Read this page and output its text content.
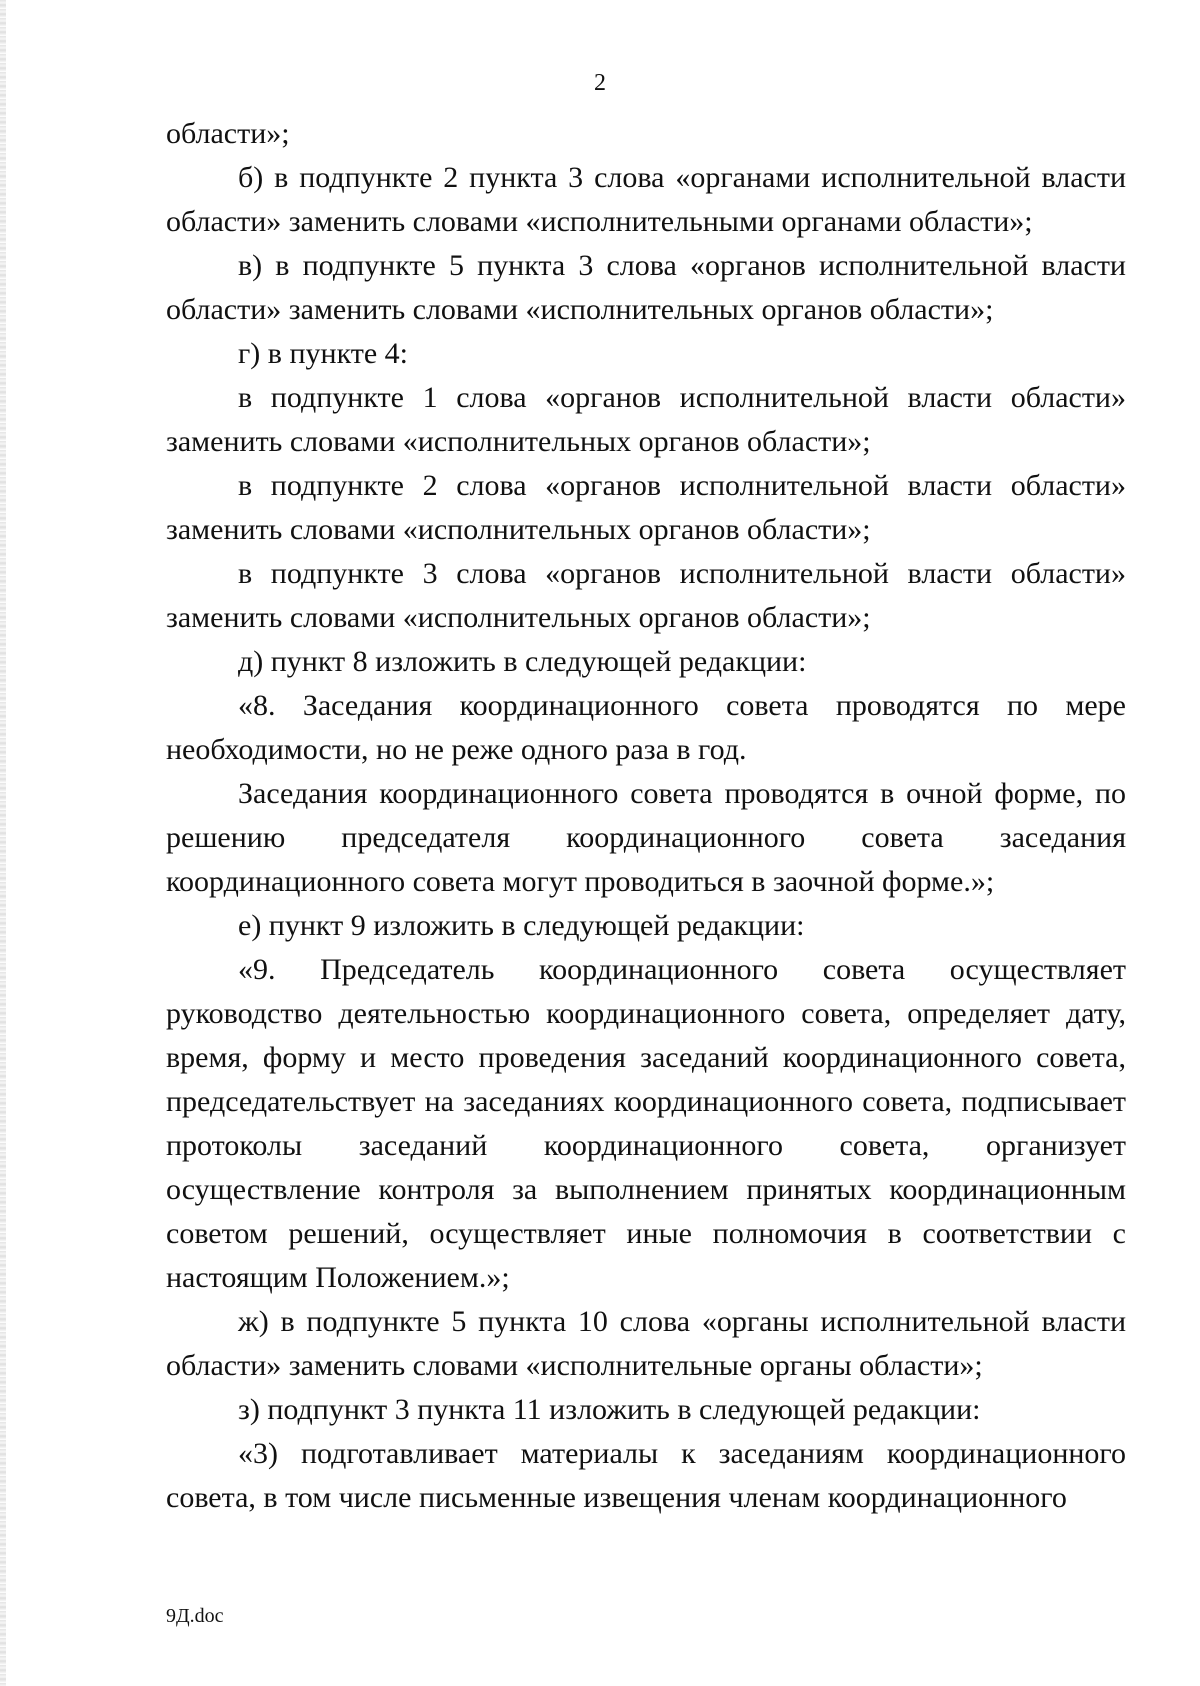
2

области»;

б) в подпункте 2 пункта 3 слова «органами исполнительной власти области» заменить словами «исполнительными органами области»;

в) в подпункте 5 пункта 3 слова «органов исполнительной власти области» заменить словами «исполнительных органов области»;

г) в пункте 4:

в подпункте 1 слова «органов исполнительной власти области» заменить словами «исполнительных органов области»;

в подпункте 2 слова «органов исполнительной власти области» заменить словами «исполнительных органов области»;

в подпункте 3 слова «органов исполнительной власти области» заменить словами «исполнительных органов области»;

д) пункт 8 изложить в следующей редакции:

«8. Заседания координационного совета проводятся по мере необходимости, но не реже одного раза в год.

Заседания координационного совета проводятся в очной форме, по решению председателя координационного совета заседания координационного совета могут проводиться в заочной форме.»;

е) пункт 9 изложить в следующей редакции:

«9. Председатель координационного совета осуществляет руководство деятельностью координационного совета, определяет дату, время, форму и место проведения заседаний координационного совета, председательствует на заседаниях координационного совета, подписывает протоколы заседаний координационного совета, организует осуществление контроля за выполнением принятых координационным советом решений, осуществляет иные полномочия в соответствии с настоящим Положением.»;

ж) в подпункте 5 пункта 10 слова «органы исполнительной власти области» заменить словами «исполнительные органы области»;

з) подпункт 3 пункта 11 изложить в следующей редакции:

«3) подготавливает материалы к заседаниям координационного совета, в том числе письменные извещения членам координационного

9Д.doc
